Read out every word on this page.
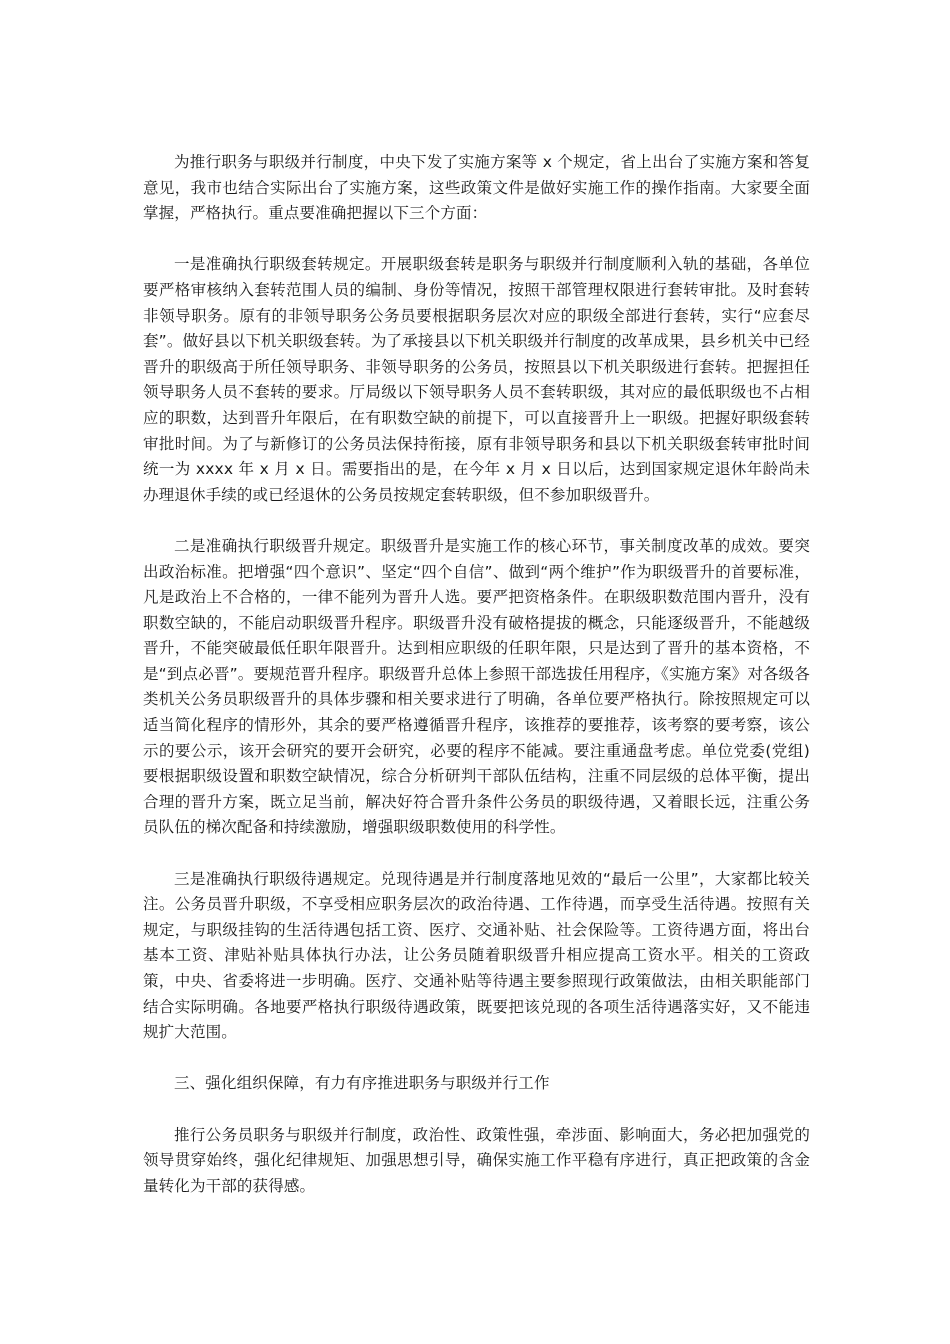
为推行职务与职级并行制度，中央下发了实施方案等 x 个规定，省上出台了实施方案和答复意见，我市也结合实际出台了实施方案，这些政策文件是做好实施工作的操作指南。大家要全面掌握，严格执行。重点要准确把握以下三个方面：

一是准确执行职级套转规定。开展职级套转是职务与职级并行制度顺利入轨的基础，各单位要严格审核纳入套转范围人员的编制、身份等情况，按照干部管理权限进行套转审批。及时套转非领导职务。原有的非领导职务公务员要根据职务层次对应的职级全部进行套转，实行“应套尽套”。做好县以下机关职级套转。为了承接县以下机关职级并行制度的改革成果，县乡机关中已经晋升的职级高于所任领导职务、非领导职务的公务员，按照县以下机关职级进行套转。把握担任领导职务人员不套转的要求。厅局级以下领导职务人员不套转职级，其对应的最低职级也不占相应的职数，达到晋升年限后，在有职数空缺的前提下，可以直接晋升上一职级。把握好职级套转审批时间。为了与新修订的公务员法保持衔接，原有非领导职务和县以下机关职级套转审批时间统一为 xxxx 年 x 月 x 日。需要指出的是，在今年 x 月 x 日以后，达到国家规定退休年龄尚未办理退休手续的或已经退休的公务员按规定套转职级，但不参加职级晋升。

二是准确执行职级晋升规定。职级晋升是实施工作的核心环节，事关制度改革的成效。要突出政治标准。把增强“四个意识”、坚定“四个自信”、做到“两个维护”作为职级晋升的首要标准，凡是政治上不合格的，一律不能列为晋升人选。要严把资格条件。在职级职数范围内晋升，没有职数空缺的，不能启动职级晋升程序。职级晋升没有破格提拔的概念，只能逐级晋升，不能越级晋升，不能突破最低任职年限晋升。达到相应职级的任职年限，只是达到了晋升的基本资格，不是“到点必晋”。要规范晋升程序。职级晋升总体上参照干部选拔任用程序，《实施方案》对各级各类机关公务员职级晋升的具体步骤和相关要求进行了明确，各单位要严格执行。除按照规定可以适当简化程序的情形外，其余的要严格遵循晋升程序，该推荐的要推荐，该考察的要考察，该公示的要公示，该开会研究的要开会研究，必要的程序不能减。要注重通盘考虑。单位党委(党组)要根据职级设置和职数空缺情况，综合分析研判干部队伍结构，注重不同层级的总体平衡，提出合理的晋升方案，既立足当前，解决好符合晋升条件公务员的职级待遇，又着眼长远，注重公务员队伍的梯次配备和持续激励，增强职级职数使用的科学性。

三是准确执行职级待遇规定。兑现待遇是并行制度落地见效的“最后一公里”，大家都比较关注。公务员晋升职级，不享受相应职务层次的政治待遇、工作待遇，而享受生活待遇。按照有关规定，与职级挂钩的生活待遇包括工资、医疗、交通补贴、社会保险等。工资待遇方面，将出台基本工资、津贴补贴具体执行办法，让公务员随着职级晋升相应提高工资水平。相关的工资政策，中央、省委将进一步明确。医疗、交通补贴等待遇主要参照现行政策做法，由相关职能部门结合实际明确。各地要严格执行职级待遇政策，既要把该兑现的各项生活待遇落实好，又不能违规扩大范围。

三、强化组织保障，有力有序推进职务与职级并行工作

推行公务员职务与职级并行制度，政治性、政策性强，牵涉面、影响面大，务必把加强党的领导贯穿始终，强化纪律规矩、加强思想引导，确保实施工作平稳有序进行，真正把政策的含金量转化为干部的获得感。
